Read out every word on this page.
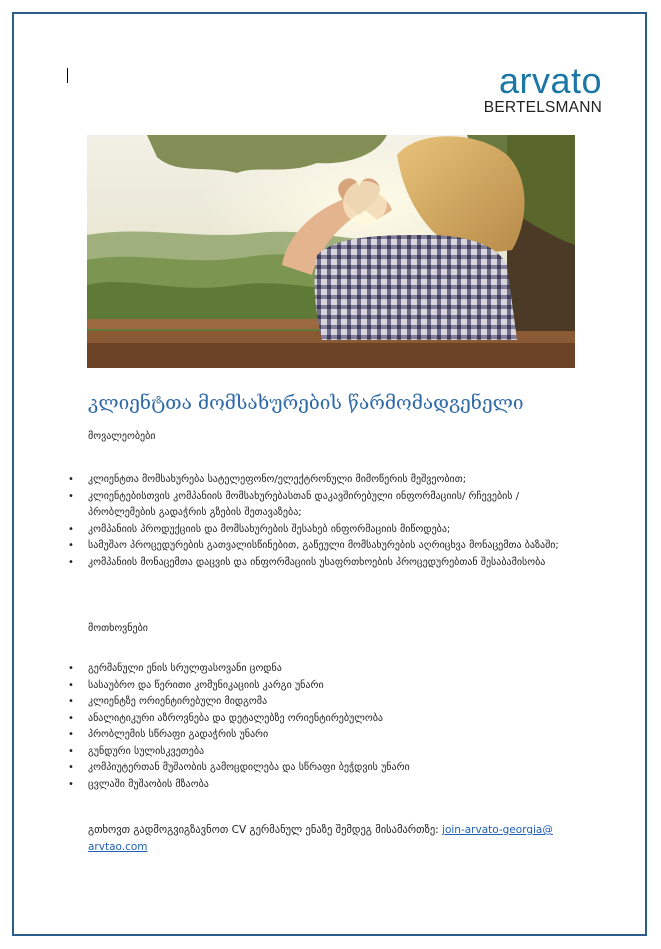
arvato
BERTELSMANN
კლიენტთა მომსახურების წარმომადგენელი
მოვალეობები
• კლიენტთა მომსახურება სატელეფონო/ელექტრონული მიმოწერის მეშვეობით;
• კლიენტებისთვის კომპანიის მომსახურებასთან დაკავშირებული ინფორმაციის/ რჩევების / პრობლემების გადაჭრის გზების შეთავაზება;
• კომპანიის პროდუქციის და მომსახურების შესახებ ინფორმაციის მიწოდება;
• სამუშაო პროცედურების გათვალისწინებით, გაწეული მომსახურების აღრიცხვა მონაცემთა ბაზაში;
• კომპანიის მონაცემთა დაცვის და ინფორმაციის უსაფრთხოების პროცედურებთან შესაბამისობა
მოთხოვნები
• გერმანული ენის სრულფასოვანი ცოდნა
• სასაუბრო და წერითი კომუნიკაციის კარგი უნარი
• კლიენტზე ორიენტირებული მიდგომა
• ანალიტიკური აზროვნება და დეტალებზე ორიენტირებულობა
• პრობლემის სწრაფი გადაჭრის უნარი
• გუნდური სულისკვეთება
• კომპიუტერთან მუშაობის გამოცდილება და სწრაფი ბეჭდვის უნარი
• ცვლაში მუშაობის მზაობა
გთხოვთ გადმოგვიგზავნოთ CV გერმანულ ენაზე შემდეგ მისამართზე: join-arvato-georgia@ arvtao.com
